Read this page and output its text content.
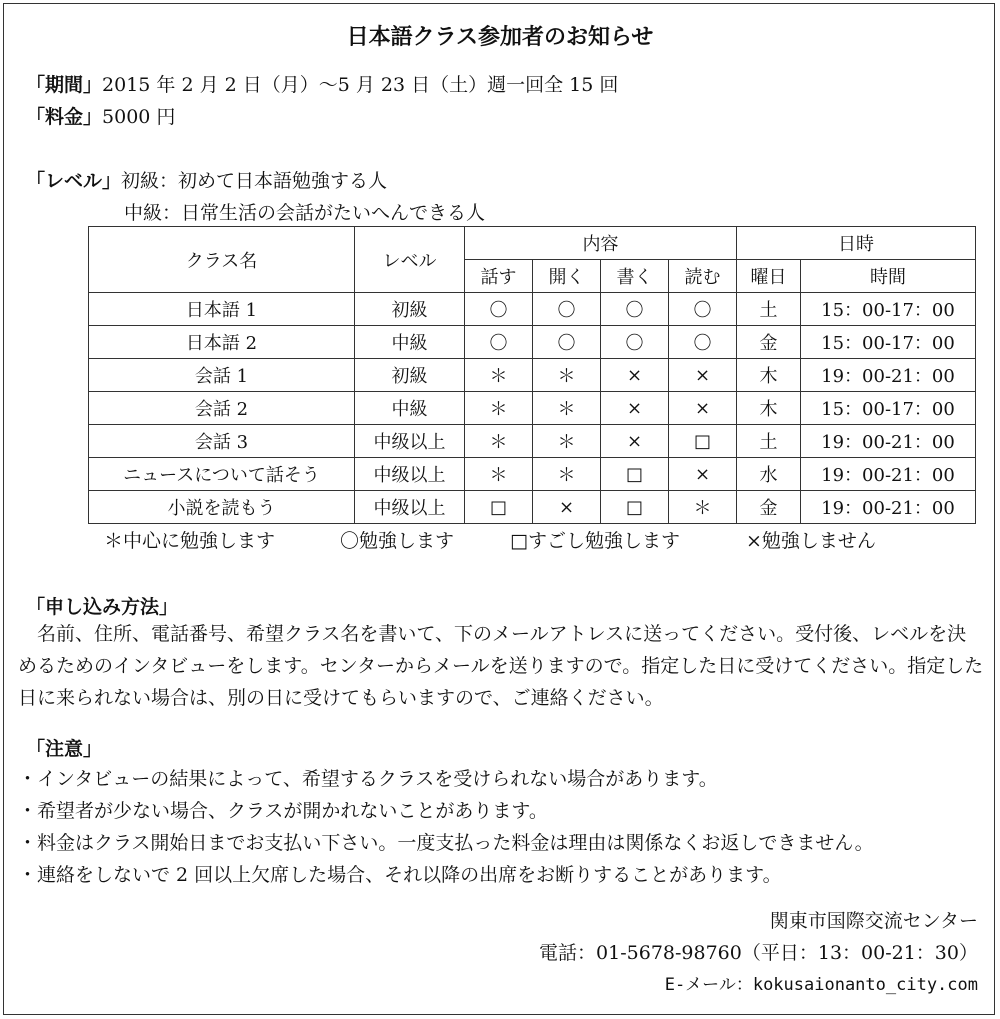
日本語クラス参加者のお知らせ
「期間」2015 年 2 月 2 日（月）〜5 月 23 日（土）週一回全 15 回
「料金」5000 円
「レベル」初級：初めて日本語勉強する人
中級：日常生活の会話がたいへんできる人
クラス名	レベル	内容				日時	
		話す	開く	書く	読む	曜日	時間
日本語 1	初級	〇	〇	〇	〇	土	15：00-17：00
日本語 2	中級	〇	〇	〇	〇	金	15：00-17：00
会話 1	初級	＊	＊	×	×	木	19：00-21：00
会話 2	中級	＊	＊	×	×	木	15：00-17：00
会話 3	中级以上	＊	＊	×	□	土	19：00-21：00
ニュースについて話そう	中级以上	＊	＊	□	×	水	19：00-21：00
小説を読もう	中级以上	□	×	□	＊	金	19：00-21：00
＊中心に勉強します	〇勉強します	□すごし勉強します	×勉強しません
「申し込み方法」
名前、住所、電話番号、希望クラス名を書いて、下のメールアトレスに送ってください。受付後、レベルを決めるためのインタビューをします。センターからメールを送りますので。指定した日に受けてください。指定した日に来られない場合は、別の日に受けてもらいますので、ご連絡ください。
「注意」
・インタビューの結果によって、希望するクラスを受けられない場合があります。
・希望者が少ない場合、クラスが開かれないことがあります。
・料金はクラス開始日までお支払い下さい。一度支払った料金は理由は関係なくお返しできません。
・連絡をしないで 2 回以上欠席した場合、それ以降の出席をお断りすることがあります。
関東市国際交流センター
電話：01-5678-98760（平日：13：00-21：30）
E-メール：kokusaionanto_city.com
